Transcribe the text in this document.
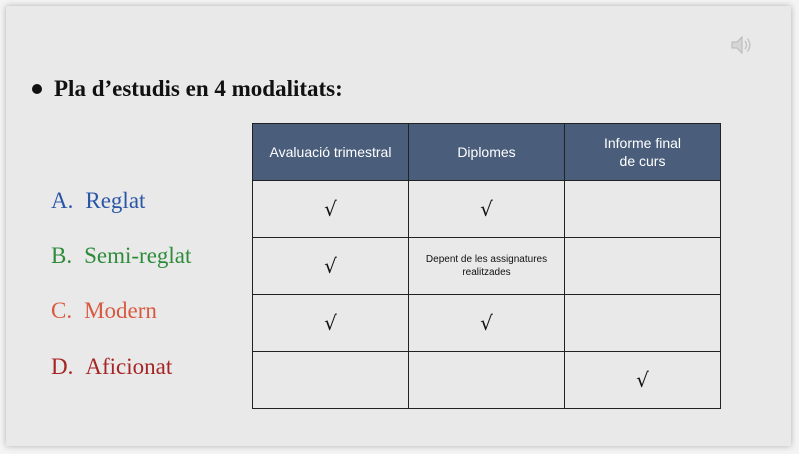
Pla d’estudis en 4 modalitats:
A. Reglat
B. Semi-reglat
C. Modern
D. Aficionat
Avaluació trimestral	Diplomes	Informe final
de curs
√	√	
√	Depent de les assignatures realitzades	

√	√	
		√
